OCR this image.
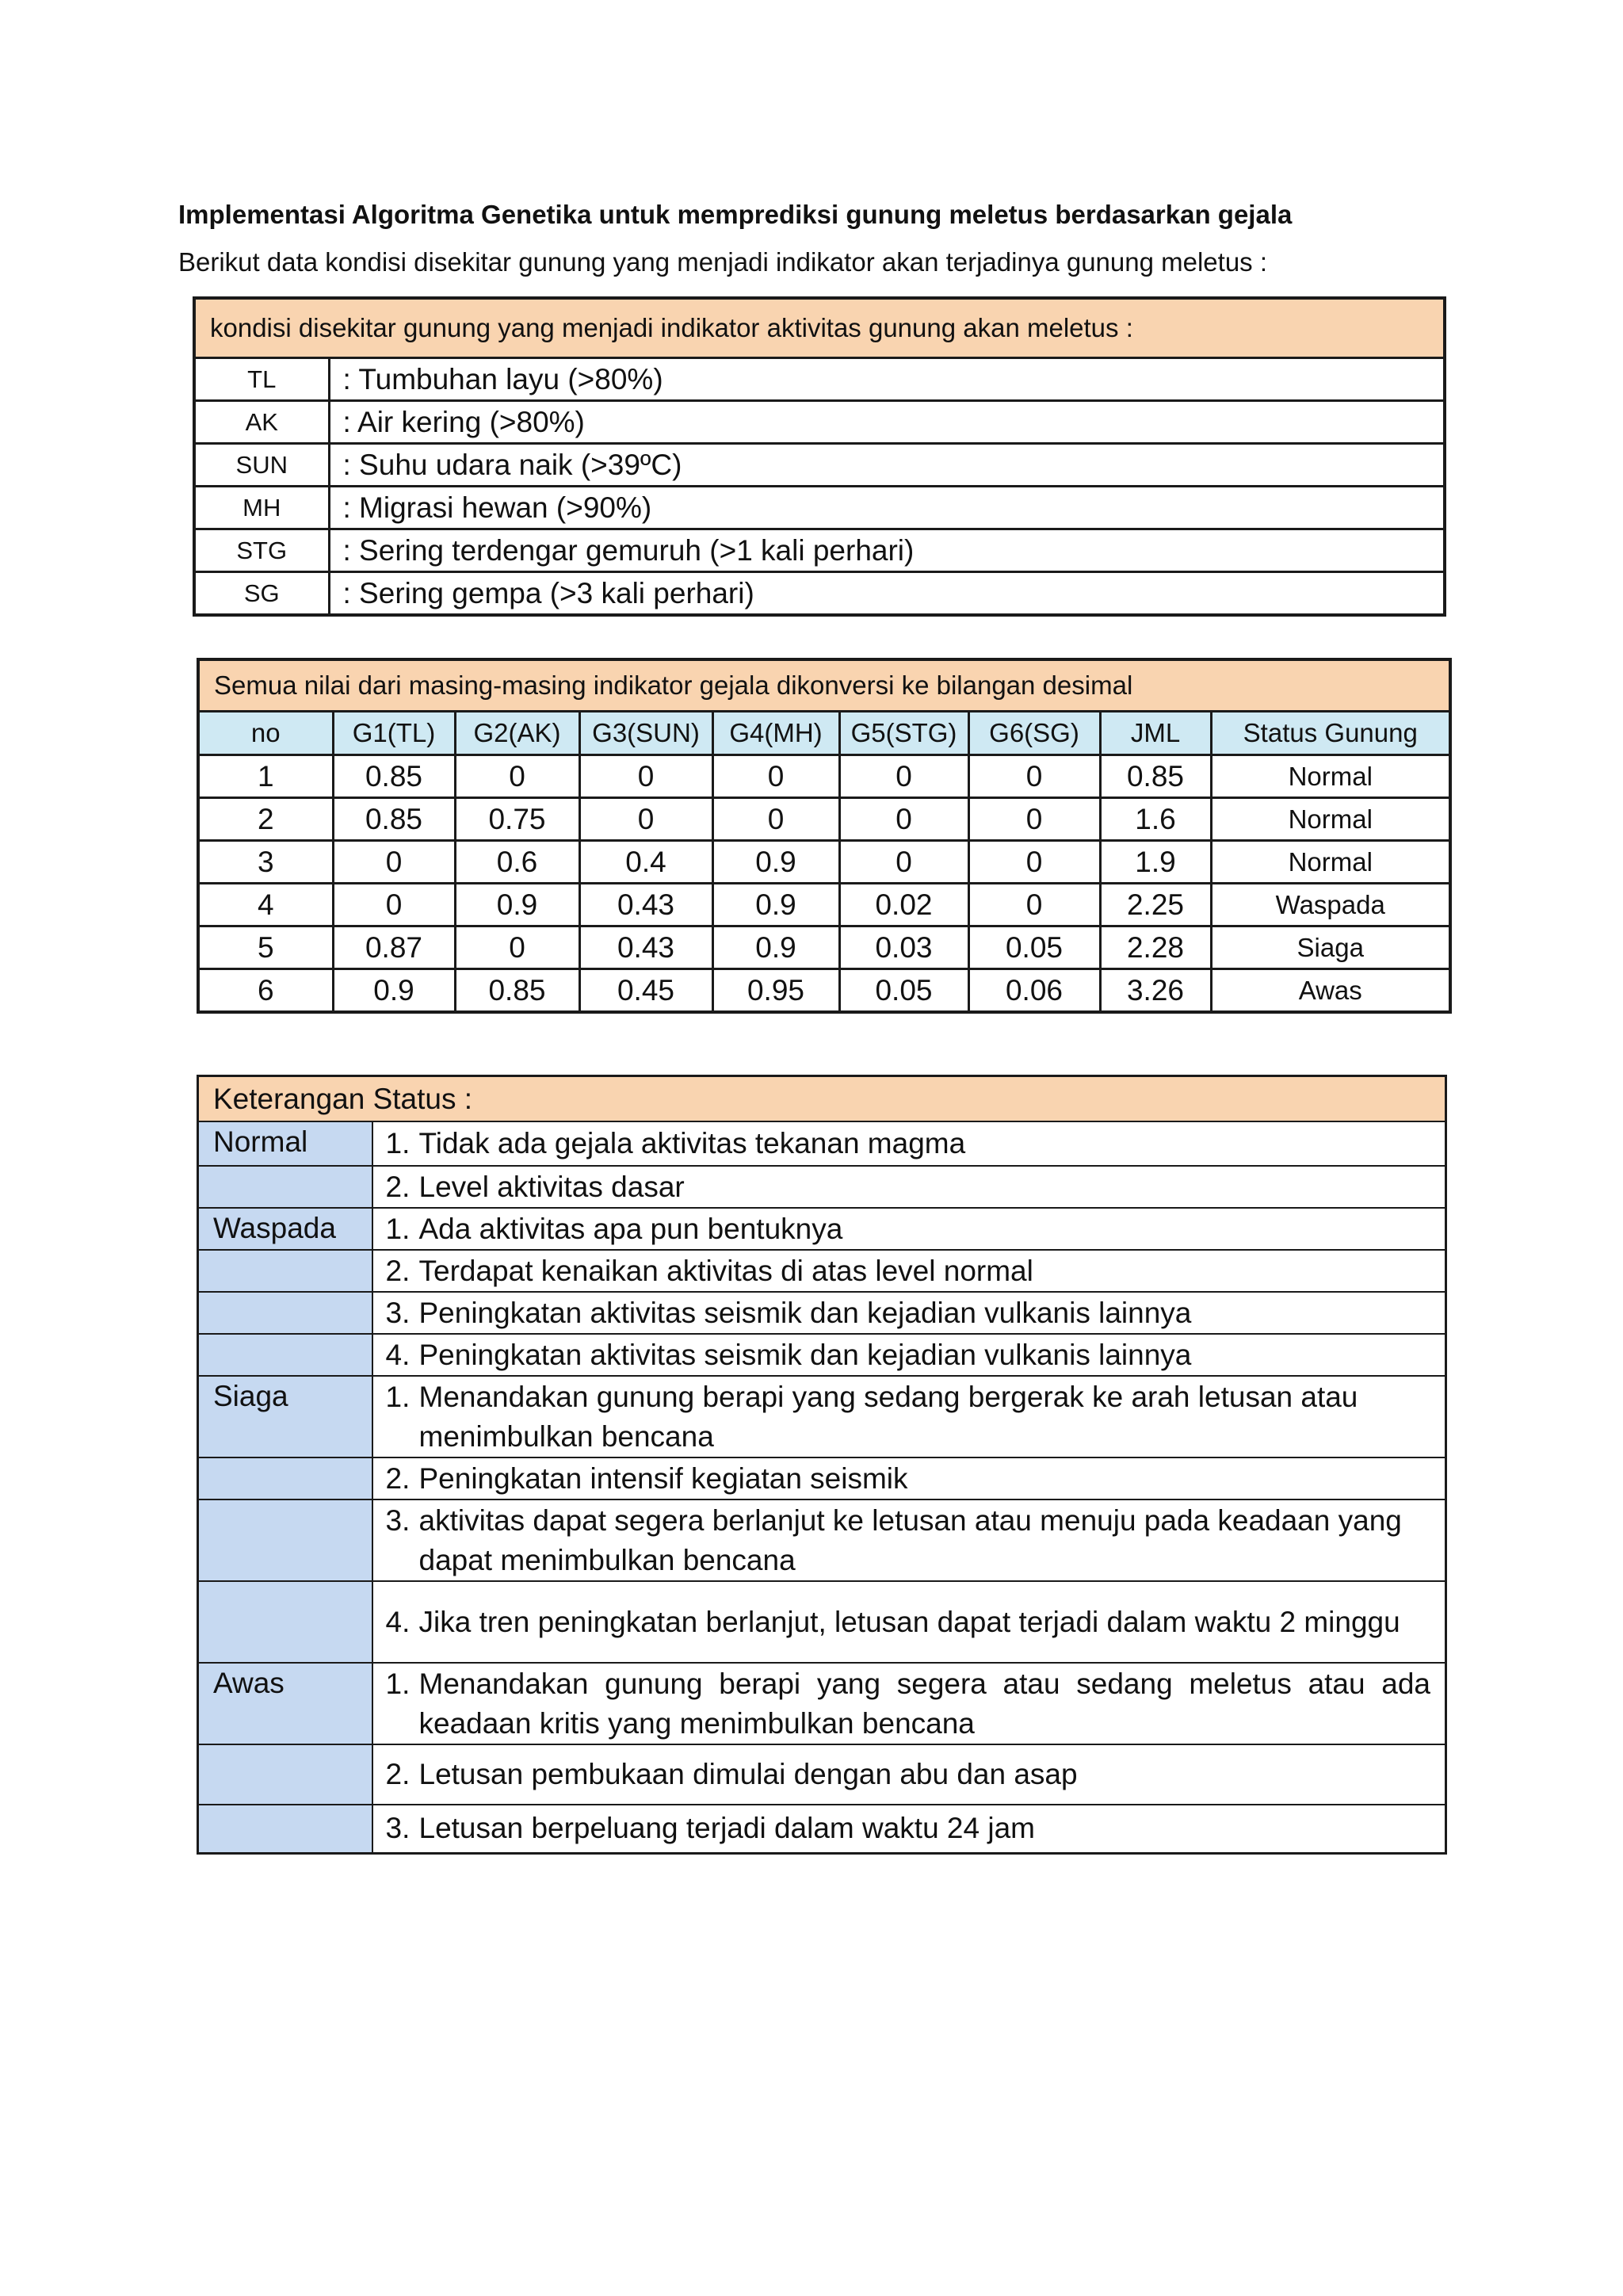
Implementasi Algoritma Genetika untuk memprediksi gunung meletus berdasarkan gejala
Berikut data kondisi disekitar gunung yang menjadi indikator akan terjadinya gunung meletus :
kondisi disekitar gunung yang menjadi indikator aktivitas gunung akan meletus :	
TL	: Tumbuhan layu (>80%)
AK	: Air kering (>80%)
SUN	: Suhu udara naik (>39ºC)
MH	: Migrasi hewan (>90%)
STG	: Sering terdengar gemuruh (>1 kali perhari)
SG	: Sering gempa (>3 kali perhari)
Semua nilai dari masing-masing indikator gejala dikonversi ke bilangan desimal								
no	G1(TL)	G2(AK)	G3(SUN)	G4(MH)	G5(STG)	G6(SG)	JML	Status Gunung
1	0.85	0	0	0	0	0	0.85	Normal
2	0.85	0.75	0	0	0	0	1.6	Normal
3	0	0.6	0.4	0.9	0	0	1.9	Normal
4	0	0.9	0.43	0.9	0.02	0	2.25	Waspada
5	0.87	0	0.43	0.9	0.03	0.05	2.28	Siaga
6	0.9	0.85	0.45	0.95	0.05	0.06	3.26	Awas
Keterangan Status :	
Normal	1. Tidak ada gejala aktivitas tekanan magma

	2. Level aktivitas dasar

Waspada	1. Ada aktivitas apa pun bentuknya

	2. Terdapat kenaikan aktivitas di atas level normal

	3. Peningkatan aktivitas seismik dan kejadian vulkanis lainnya

	4. Peningkatan aktivitas seismik dan kejadian vulkanis lainnya

Siaga	1. Menandakan gunung berapi yang sedang bergerak ke arah letusan atau menimbulkan bencana

	2. Peningkatan intensif kegiatan seismik

	3. aktivitas dapat segera berlanjut ke letusan atau menuju pada keadaan yang dapat menimbulkan bencana

	4. Jika tren peningkatan berlanjut, letusan dapat terjadi dalam waktu 2 minggu

Awas	1. Menandakan gunung berapi yang segera atau sedang meletus atau ada keadaan kritis yang menimbulkan bencana

	2. Letusan pembukaan dimulai dengan abu dan asap

	3. Letusan berpeluang terjadi dalam waktu 24 jam
